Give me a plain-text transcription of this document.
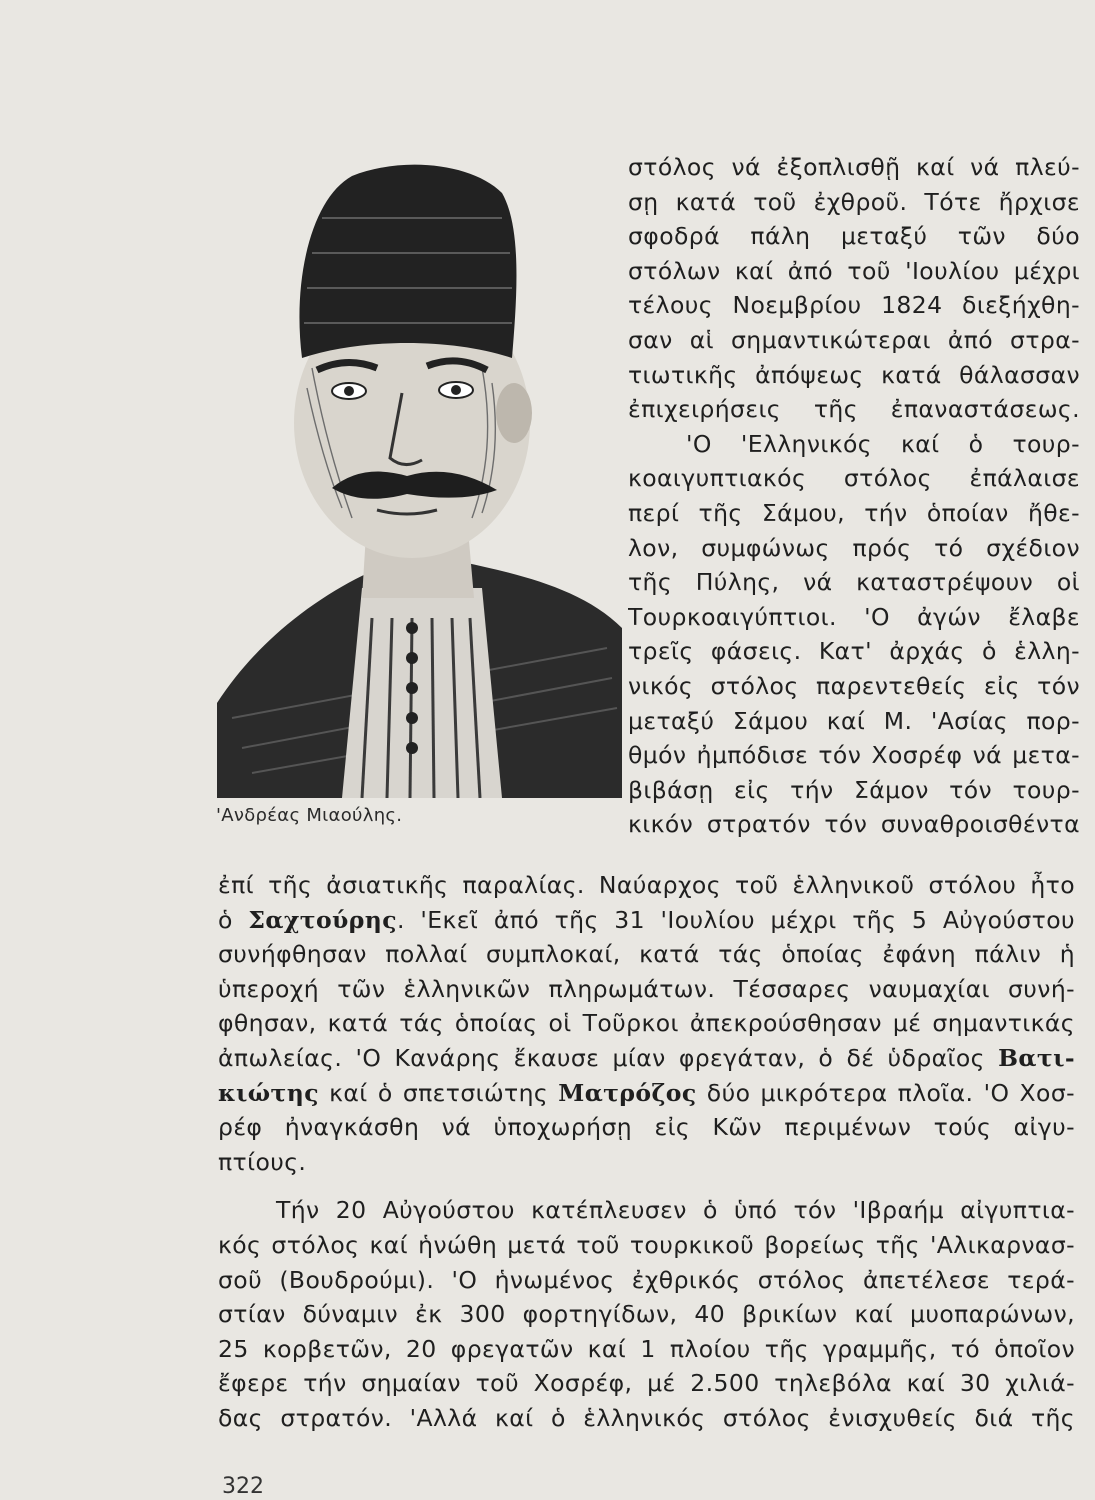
'Ανδρέας Μιαούλης.
στόλος νά ἐξοπλισθῇ καί νά πλεύ-
σῃ κατά τοῦ ἐχθροῦ. Τότε ἤρχισε
σφοδρά πάλη μεταξύ τῶν δύο
στόλων καί ἀπό τοῦ 'Ιουλίου μέχρι
τέλους Νοεμβρίου 1824 διεξήχθη-
σαν αἱ σημαντικώτεραι ἀπό στρα-
τιωτικῆς ἀπόψεως κατά θάλασσαν
ἐπιχειρήσεις τῆς ἐπαναστάσεως.
'Ο 'Ελληνικός καί ὁ τουρ-
κοαιγυπτιακός στόλος ἐπάλαισε
περί τῆς Σάμου, τήν ὁποίαν ἤθε-
λον, συμφώνως πρός τό σχέδιον
τῆς Πύλης, νά καταστρέψουν οἱ
Τουρκοαιγύπτιοι. 'Ο ἀγών ἔλαβε
τρεῖς φάσεις. Κατ' ἀρχάς ὁ ἑλλη-
νικός στόλος παρεντεθείς εἰς τόν
μεταξύ Σάμου καί Μ. 'Ασίας πορ-
θμόν ἠμπόδισε τόν Χοσρέφ νά μετα-
βιβάσῃ εἰς τήν Σάμον τόν τουρ-
κικόν στρατόν τόν συναθροισθέντα
ἐπί τῆς ἀσιατικῆς παραλίας. Ναύαρχος τοῦ ἑλληνικοῦ στόλου ἦτο
ὁ Σαχτούρης. 'Εκεῖ ἀπό τῆς 31 'Ιουλίου μέχρι τῆς 5 Αὐγούστου
συνήφθησαν πολλαί συμπλοκαί, κατά τάς ὁποίας ἐφάνη πάλιν ἡ
ὑπεροχή τῶν ἑλληνικῶν πληρωμάτων. Τέσσαρες ναυμαχίαι συνή-
φθησαν, κατά τάς ὁποίας οἱ Τοῦρκοι ἀπεκρούσθησαν μέ σημαντικάς
ἀπωλείας. 'Ο Κανάρης ἔκαυσε μίαν φρεγάταν, ὁ δέ ὑδραῖος Βατι-
κιώτης καί ὁ σπετσιώτης Ματρόζος δύο μικρότερα πλοῖα. 'Ο Χοσ-
ρέφ ἠναγκάσθη νά ὑποχωρήσῃ εἰς Κῶν περιμένων τούς αἰγυ-
πτίους.
Τήν 20 Αὐγούστου κατέπλευσεν ὁ ὑπό τόν 'Ιβραήμ αἰγυπτια-
κός στόλος καί ἡνώθη μετά τοῦ τουρκικοῦ βορείως τῆς 'Αλικαρνασ-
σοῦ (Βουδρούμι). 'Ο ἡνωμένος ἐχθρικός στόλος ἀπετέλεσε τερά-
στίαν δύναμιν ἐκ 300 φορτηγίδων, 40 βρικίων καί μυοπαρώνων,
25 κορβετῶν, 20 φρεγατῶν καί 1 πλοίου τῆς γραμμῆς, τό ὁποῖον
ἔφερε τήν σημαίαν τοῦ Χοσρέφ, μέ 2.500 τηλεβόλα καί 30 χιλιά-
δας στρατόν. 'Αλλά καί ὁ ἑλληνικός στόλος ἐνισχυθείς διά τῆς
322
